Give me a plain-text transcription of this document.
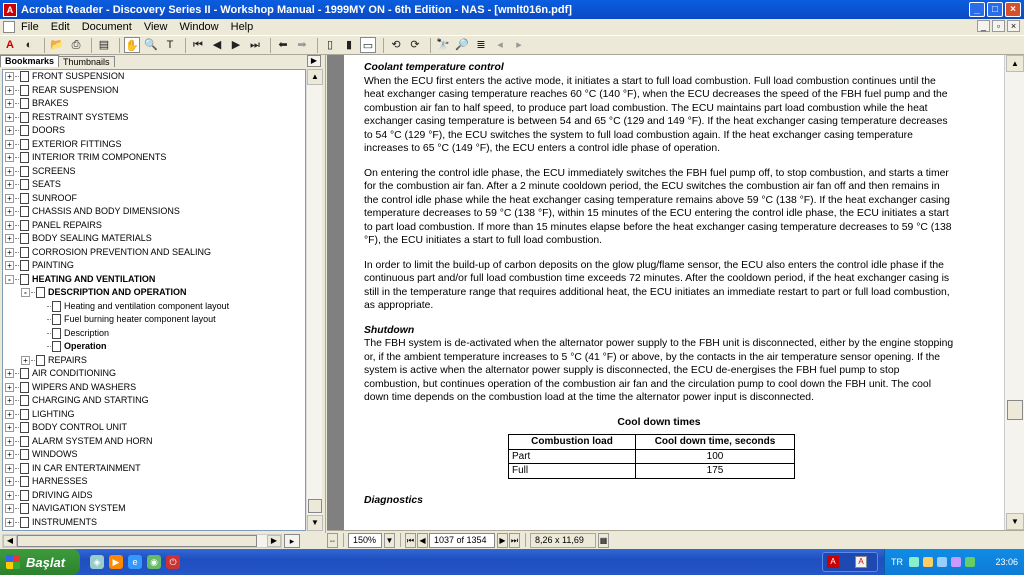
A Acrobat Reader - Discovery Series II - Workshop Manual - 1999MY ON - 6th Edition - NAS - [wmlt016n.pdf]	_	□	×
File Edit Document View Window Help	_	▫	×
A	◐	📂 ⎙	▤ ✋ 🔍 T	⏮ ◀ ▶ ⏭	⬅ ➡	▯	▮ ▭	⟲ ⟳	🔭 🔎 ≣	◂	▸
Bookmarks	Thumbnails	▶
+ FRONT SUSPENSION
+ REAR SUSPENSION
+ BRAKES
+ RESTRAINT SYSTEMS
+ DOORS
+ EXTERIOR FITTINGS
+ INTERIOR TRIM COMPONENTS
+ SCREENS
+ SEATS
+ SUNROOF
+ CHASSIS AND BODY DIMENSIONS
+ PANEL REPAIRS
+ BODY SEALING MATERIALS
+ CORROSION PREVENTION AND SEALING
+ PAINTING
-	HEATING AND VENTILATION
-	DESCRIPTION AND OPERATION
Heating and ventilation component layout
Fuel burning heater component layout
Description
Operation
+ REPAIRS
+ AIR CONDITIONING
+ WIPERS AND WASHERS
+ CHARGING AND STARTING
+ LIGHTING
+ BODY CONTROL UNIT
+ ALARM SYSTEM AND HORN
+ WINDOWS
+ IN CAR ENTERTAINMENT
+ HARNESSES
+ DRIVING AIDS
+ NAVIGATION SYSTEM
+ INSTRUMENTS
▲
▼
◀	▶	▸
Coolant temperature control

When the ECU first enters the active mode, it initiates a start to full load combustion. Full load combustion continues until the heat exchanger casing temperature reaches 60 °C (140 °F), when the ECU decreases the speed of the FBH fuel pump and the combustion air fan to half speed, to produce part load combustion. The ECU maintains part load combustion while the heat exchanger casing temperature is between 54 and 65 °C (129 and 149 °F). If the heat exchanger casing temperature decreases to 54 °C (129 °F), the ECU switches the system to full load combustion again. If the heat exchanger casing temperature increases to 65 °C (149 °F), the ECU enters a control idle phase of operation.

On entering the control idle phase, the ECU immediately switches the FBH fuel pump off, to stop combustion, and starts a timer for the combustion air fan. After a 2 minute cooldown period, the ECU switches the combustion air fan off and then remains in the control idle phase while the heat exchanger casing temperature remains above 59 °C (138 °F). If the heat exchanger casing temperature decreases to 59 °C (138 °F), within 15 minutes of the ECU entering the control idle phase, the ECU initiates a start to part load combustion. If more than 15 minutes elapse before the heat exchanger casing temperature decreases to 59 °C (138 °F), the ECU initiates a start to full load combustion.

In order to limit the build-up of carbon deposits on the glow plug/flame sensor, the ECU also enters the control idle phase if the continuous part and/or full load combustion time exceeds 72 minutes. After the cooldown period, if the heat exchanger casing is still in the temperature range that requires additional heat, the ECU initiates an immediate restart to part or full load combustion, as appropriate.

Shutdown

The FBH system is de-activated when the alternator power supply to the FBH unit is disconnected, either by the engine stopping or, if the ambient temperature increases to 5 °C (41 °F) or above, by the contacts in the air temperature sensor opening. If the system is active when the alternator power supply is disconnected, the ECU de-energises the FBH fuel pump to stop combustion, but continues operation of the combustion air fan and the circulation pump to cool down the FBH unit. The cool down time depends on the combustion load at the time the alternator power input is disconnected.

Cool down times
Combustion load	Cool down time, seconds
Part	100
Full	175
Diagnostics
▲
▼
⇔	150%	▼ ⏮ ◀ 1037 of 1354	▶ ⏭	8,26 x 11,69	▦
Başlat	◈	▶	e	◉	⏻	A	A	TR	23:06
